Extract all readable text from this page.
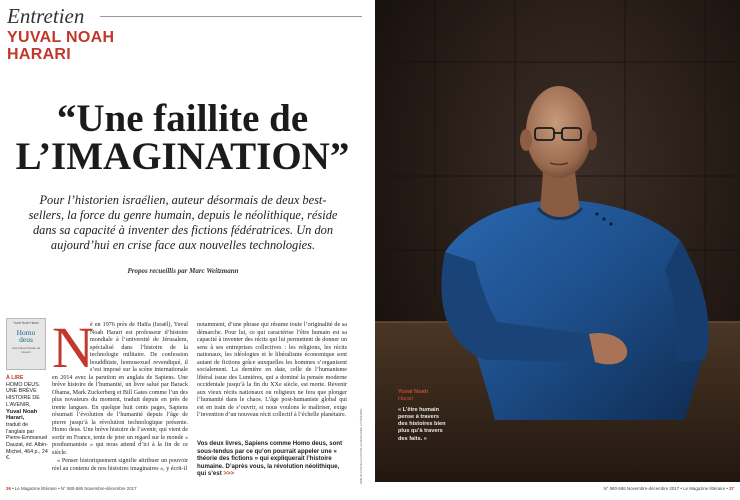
Entretien
YUVAL NOAH
HARARI
“Une faillite de
L’IMAGINATION”

Pour l’historien israélien, auteur désormais de deux best-sellers, la force du genre humain, depuis le néolithique, réside dans sa capacité à inventer des fictions fédératrices. Un don aujourd’hui en crise face aux nouvelles technologies.

Propos recueillis par Marc Weitzmann

Yuval Noah Harari
Homo deus
Une brève histoire de l’avenir
À LIRE
HOMO DEUS. UNE BRÈVE HISTOIRE DE L’AVENIR,
Yuval Noah Harari,
traduit de l’anglais par Pierre-Emmanuel Dauzat, éd. Albin-Michel, 464 p., 24 €.
N

é en 1976 près de Haïfa (Israël), Yuval Noah Harari est professeur d’histoire mondiale à l’université de Jérusalem, spécialisé dans l’histoire de la technologie militaire. De confession bouddhiste, homosexuel revendiqué, il s’est imposé sur la scène internationale en 2014 avec la parution en anglais de Sapiens. Une brève histoire de l’humanité, un livre salué par Barack Obama, Mark Zuckerberg et Bill Gates comme l’un des plus novateurs du moment, traduit depuis en près de trente langues. En quelque huit cents pages, Sapiens résumait l’évolution de l’humanité depuis l’âge de pierre jusqu’à la révolution technologique présente. Homo deus. Une brève histoire de l’avenir, qui vient de sortir en France, tente de jeter un regard sur le monde « posthumaniste » qui nous attend d’ici à la fin de ce siècle.

« Penser historiquement signifie attribuer un pouvoir réel au contenu de nos histoires imaginaires », y écrit-il

notamment, d’une phrase qui résume toute l’originalité de sa démarche. Pour lui, ce qui caractérise l’être humain est sa capacité à inventer des récits qui lui permettent de donner un sens à ses entreprises collectives : les religions, les récits nationaux, les idéologies et le libéralisme économique sont autant de fictions grâce auxquelles les hommes s’organisent socialement. La dernière en date, celle de l’humanisme libéral issue des Lumières, qui a dominé la pensée moderne occidentale jusqu’à la fin du XXe siècle, est morte. Revenir aux vieux récits nationaux ou religieux ne fera que plonger l’humanité dans le chaos. L’âge post-humaniste global qui est en train de s’ouvrir, si nous voulons le maîtriser, exige l’invention d’un nouveau récit collectif à l’échelle planétaire.

Vos deux livres, Sapiens comme Homo deus, sont sous-tendus par ce qu’on pourrait appeler une « théorie des fictions » qui expliquerait l’histoire humaine. D’après vous, la révolution néolithique, qui s’est >>>
36 • Le Magazine littéraire • N° 580-586 Novembre-décembre 2017
EMILIO CASTELLO POUR LE MAGAZINE LITTÉRAIRE
Yuval Noah
Harari
« L’être humain pense à travers des histoires bien plus qu’à travers des faits. »
N° 580-586 Novembre-décembre 2017 • Le Magazine littéraire • 37
